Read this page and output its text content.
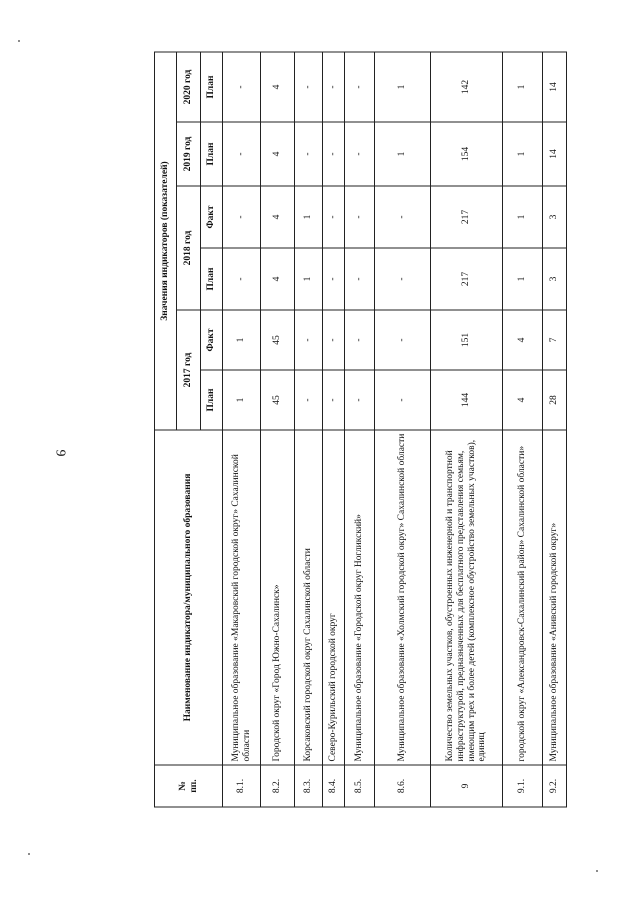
9
№
пп.	Наименование индикатора/муниципального образования	Значения индикаторов (показателей)					
		2017 год		2018 год		2019 год	2020 год
		План	Факт	План	Факт	План	План
8.1.	Муниципальное образование «Макаровский городской округ» Сахалинской области	1	1	-	-	-	-
8.2.	Городской округ «Город Южно-Сахалинск»	45	45	4	4	4	4
8.3.	Корсаковский городской округ Сахалинской области	-	-	1	1	-	-
8.4.	Северо-Курильский городской округ	-	-	-	-	-	-
8.5.	Муниципальное образование «Городской округ Ногликский»	-	-	-	-	-	-
8.6.	Муниципальное образование «Холмский городской округ» Сахалинской области	-	-	-	-	1	1
9	Количество земельных участков, обустроенных инженерной и транспортной инфраструктурой, предназначенных для бесплатного представления семьям, имеющим трех и более детей (комплексное обустройство земельных участков), единиц	144	151	217	217	154	142
9.1.	городской округ «Александровск-Сахалинский район» Сахалинской области»	4	4	1	1	1	1
9.2.	Муниципальное образование «Анивский городской округ»	28	7	3	3	14	14
